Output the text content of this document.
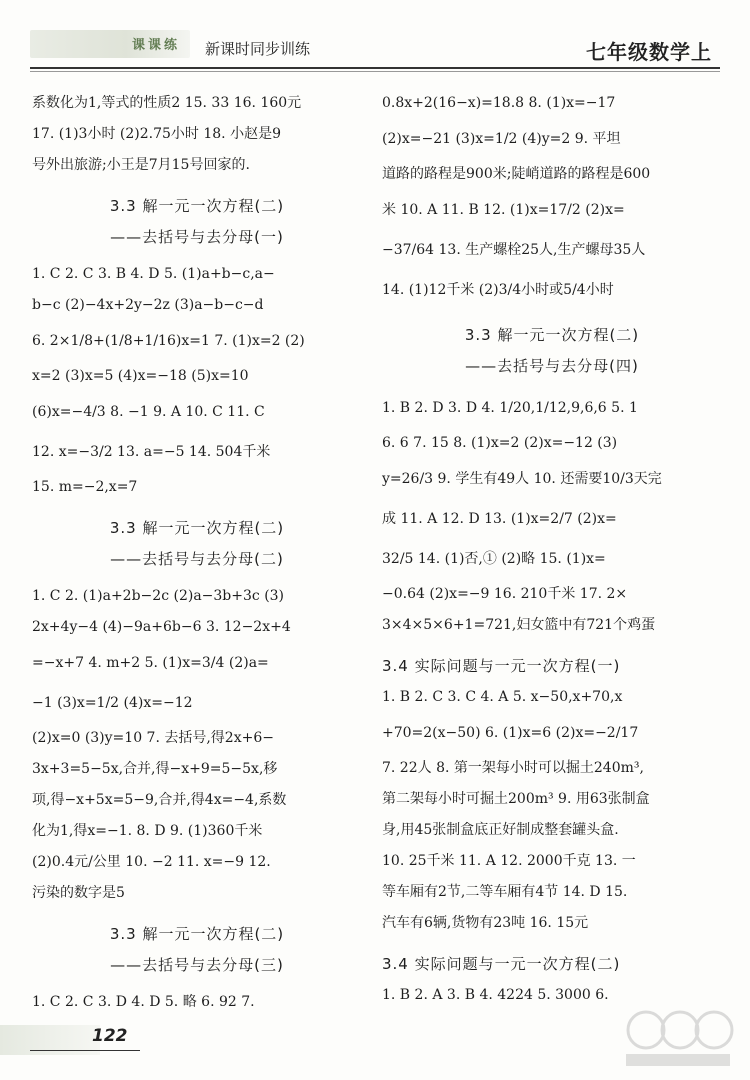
课课练 新课时同步训练	七年级数学上
系数化为1,等式的性质2 15. 33 16. 160元
17. (1)3小时 (2)2.75小时 18. 小赵是9
号外出旅游;小王是7月15号回家的.
3.3 解一元一次方程(二)
——去括号与去分母(一)
1. C 2. C 3. B 4. D 5. (1)a+b−c,a−
b−c (2)−4x+2y−2z (3)a−b−c−d
6. 2×1/8+(1/8+1/16)x=1 7. (1)x=2 (2)
x=2 (3)x=5 (4)x=−18 (5)x=10
(6)x=−4/3 8. −1 9. A 10. C 11. C
12. x=−3/2 13. a=−5 14. 504千米
15. m=−2,x=7
3.3 解一元一次方程(二)
——去括号与去分母(二)
1. C 2. (1)a+2b−2c (2)a−3b+3c (3)
2x+4y−4 (4)−9a+6b−6 3. 12−2x+4
=−x+7 4. m+2 5. (1)x=3/4 (2)a=
−1 (3)x=1/2 (4)x=−12
(2)x=0 (3)y=10 7. 去括号,得2x+6−
3x+3=5−5x,合并,得−x+9=5−5x,移
项,得−x+5x=5−9,合并,得4x=−4,系数
化为1,得x=−1. 8. D 9. (1)360千米
(2)0.4元/公里 10. −2 11. x=−9 12.
污染的数字是5
3.3 解一元一次方程(二)
——去括号与去分母(三)
1. C 2. C 3. D 4. D 5. 略 6. 92 7.
0.8x+2(16−x)=18.8 8. (1)x=−17
(2)x=−21 (3)x=1/2 (4)y=2 9. 平坦
道路的路程是900米;陡峭道路的路程是600
米 10. A 11. B 12. (1)x=17/2 (2)x=
−37/64 13. 生产螺栓25人,生产螺母35人
14. (1)12千米 (2)3/4小时或5/4小时
3.3 解一元一次方程(二)
——去括号与去分母(四)
1. B 2. D 3. D 4. 1/20,1/12,9,6,6 5. 1
6. 6 7. 15 8. (1)x=2 (2)x=−12 (3)
y=26/3 9. 学生有49人 10. 还需要10/3天完
成 11. A 12. D 13. (1)x=2/7 (2)x=
32/5 14. (1)否,① (2)略 15. (1)x=
−0.64 (2)x=−9 16. 210千米 17. 2×
3×4×5×6+1=721,妇女篮中有721个鸡蛋
3.4 实际问题与一元一次方程(一)
1. B 2. C 3. C 4. A 5. x−50,x+70,x
+70=2(x−50) 6. (1)x=6 (2)x=−2/17
7. 22人 8. 第一架每小时可以掘土240m³,
第二架每小时可掘土200m³ 9. 用63张制盒
身,用45张制盒底正好制成整套罐头盒.
10. 25千米 11. A 12. 2000千克 13. 一
等车厢有2节,二等车厢有4节 14. D 15.
汽车有6辆,货物有23吨 16. 15元
3.4 实际问题与一元一次方程(二)
1. B 2. A 3. B 4. 4224 5. 3000 6.
122
